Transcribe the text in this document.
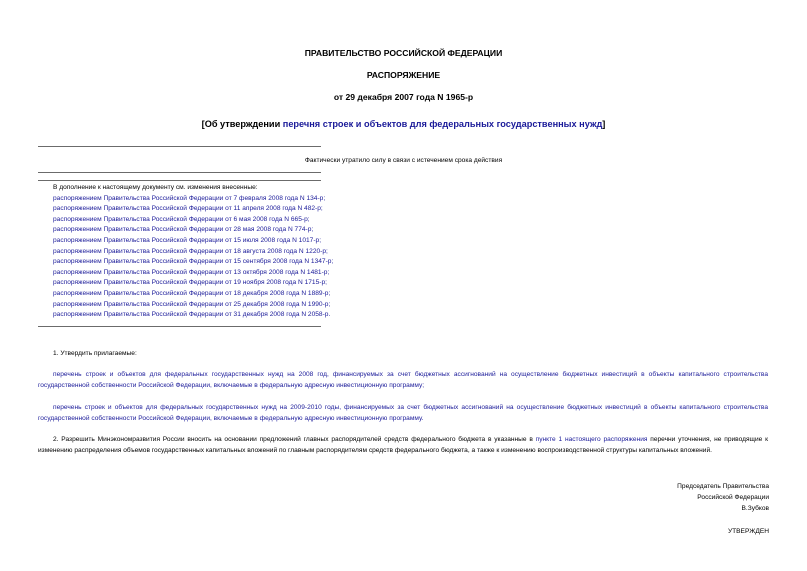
ПРАВИТЕЛЬСТВО РОССИЙСКОЙ ФЕДЕРАЦИИ
РАСПОРЯЖЕНИЕ
от 29 декабря 2007 года N 1965-р
[Об утверждении перечня строек и объектов для федеральных государственных нужд]
Фактически утратило силу в связи с истечением срока действия
В дополнение к настоящему документу см. изменения внесенные:
распоряжением Правительства Российской Федерации от 7 февраля 2008 года N 134-р;
распоряжением Правительства Российской Федерации от 11 апреля 2008 года N 482-р;
распоряжением Правительства Российской Федерации от 6 мая 2008 года N 665-р;
распоряжением Правительства Российской Федерации от 28 мая 2008 года N 774-р;
распоряжением Правительства Российской Федерации от 15 июля 2008 года N 1017-р;
распоряжением Правительства Российской Федерации от 18 августа 2008 года N 1220-р;
распоряжением Правительства Российской Федерации от 15 сентября 2008 года N 1347-р;
распоряжением Правительства Российской Федерации от 13 октября 2008 года N 1481-р;
распоряжением Правительства Российской Федерации от 19 ноября 2008 года N 1715-р;
распоряжением Правительства Российской Федерации от 18 декабря 2008 года N 1889-р;
распоряжением Правительства Российской Федерации от 25 декабря 2008 года N 1990-р;
распоряжением Правительства Российской Федерации от 31 декабря 2008 года N 2058-р.
1. Утвердить прилагаемые:
перечень строек и объектов для федеральных государственных нужд на 2008 год, финансируемых за счет бюджетных ассигнований на осуществление бюджетных инвестиций в объекты капитального строительства государственной собственности Российской Федерации, включаемые в федеральную адресную инвестиционную программу;
перечень строек и объектов для федеральных государственных нужд на 2009-2010 годы, финансируемых за счет бюджетных ассигнований на осуществление бюджетных инвестиций в объекты капитального строительства государственной собственности Российской Федерации, включаемые в федеральную адресную инвестиционную программу.
2. Разрешить Минэкономразвития России вносить на основании предложений главных распорядителей средств федерального бюджета в указанные в пункте 1 настоящего распоряжения перечни уточнения, не приводящие к изменению распределения объемов государственных капитальных вложений по главным распорядителям средств федерального бюджета, а также к изменению воспроизводственной структуры капитальных вложений.
Председатель Правительства
Российской Федерации
В.Зубков
УТВЕРЖДЕН
